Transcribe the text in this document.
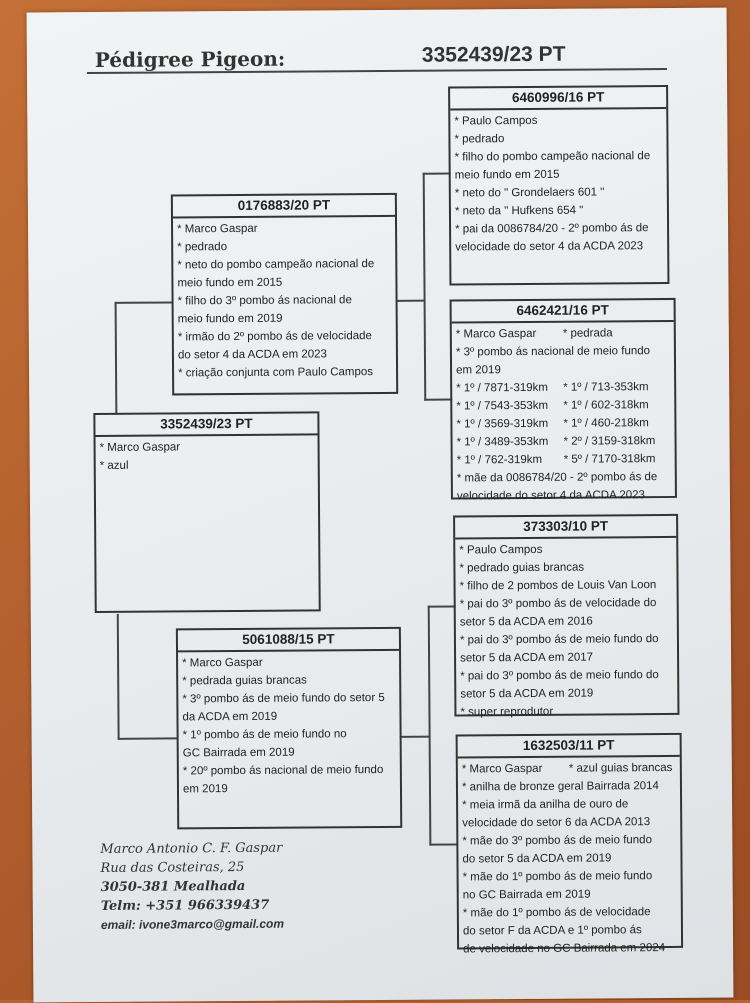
Pédigree Pigeon:	3352439/23 PT
3352439/23 PT

* Marco Gaspar

* azul

0176883/20 PT

* Marco Gaspar

* pedrado

* neto do pombo campeão nacional de

meio fundo em 2015

* filho do 3º pombo ás nacional de

meio fundo em 2019

* irmão do 2º pombo ás de velocidade

do setor 4 da ACDA em 2023

* criação conjunta com Paulo Campos

5061088/15 PT

* Marco Gaspar

* pedrada guias brancas

* 3º pombo ás de meio fundo do setor 5

da ACDA em 2019

* 1º pombo ás de meio fundo no

GC Bairrada em 2019

* 20º pombo ás nacional de meio fundo

em 2019

6460996/16 PT

* Paulo Campos

* pedrado

* filho do pombo campeão nacional de

meio fundo em 2015

* neto do " Grondelaers 601 "

* neto da " Hufkens 654 "

* pai da 0086784/20 - 2º pombo ás de

velocidade do setor 4 da ACDA 2023

6462421/16 PT
* Marco Gaspar	* pedrada

* 3º pombo ás nacional de meio fundo

em 2019

* 1º / 7871-319km	* 1º / 713-353km
* 1º / 7543-353km	* 1º / 602-318km
* 1º / 3569-319km	* 1º / 460-218km
* 1º / 3489-353km	* 2º / 3159-318km
* 1º / 762-319km	* 5º / 7170-318km

* mãe da 0086784/20 - 2º pombo ás de

velocidade do setor 4 da ACDA 2023

373303/10 PT

* Paulo Campos

* pedrado guias brancas

* filho de 2 pombos de Louis Van Loon

* pai do 3º pombo ás de velocidade do

setor 5 da ACDA em 2016

* pai do 3º pombo ás de meio fundo do

setor 5 da ACDA em 2017

* pai do 3º pombo ás de meio fundo do

setor 5 da ACDA em 2019

* super reprodutor

1632503/11 PT
* Marco Gaspar	* azul guias brancas

* anilha de bronze geral Bairrada 2014

* meia irmã da anilha de ouro de

velocidade do setor 6 da ACDA 2013

* mãe do 3º pombo ás de meio fundo

do setor 5 da ACDA em 2019

* mãe do 1º pombo ás de meio fundo

no GC Bairrada em 2019

* mãe do 1º pombo ás de velocidade

do setor F da ACDA e 1º pombo ás

de velocidade no GC Bairrada em 2024

Marco Antonio C. F. Gaspar
Rua das Costeiras, 25
3050-381 Mealhada
Telm: +351 966339437
email: ivone3marco@gmail.com
